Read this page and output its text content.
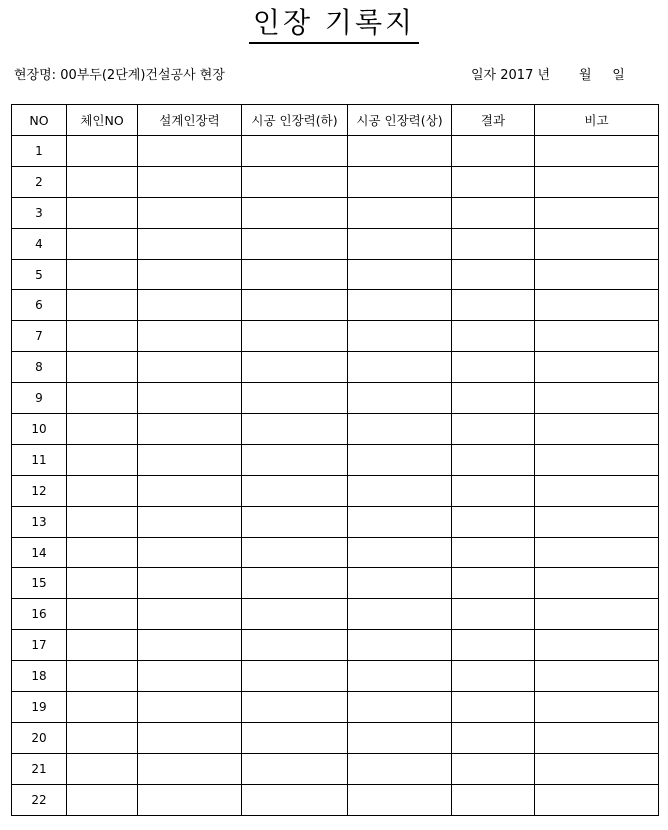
인장 기록지
현장명: 00부두(2단계)건설공사 현장	일자 2017 년 월 일
NO	체인NO	설계인장력	시공 인장력(하)	시공 인장력(상)	결과	비고
1						
2						
3						
4						
5						
6						
7						
8						
9						
10						
11						
12						
13						
14						
15						
16						
17						
18						
19						
20						
21						
22						
